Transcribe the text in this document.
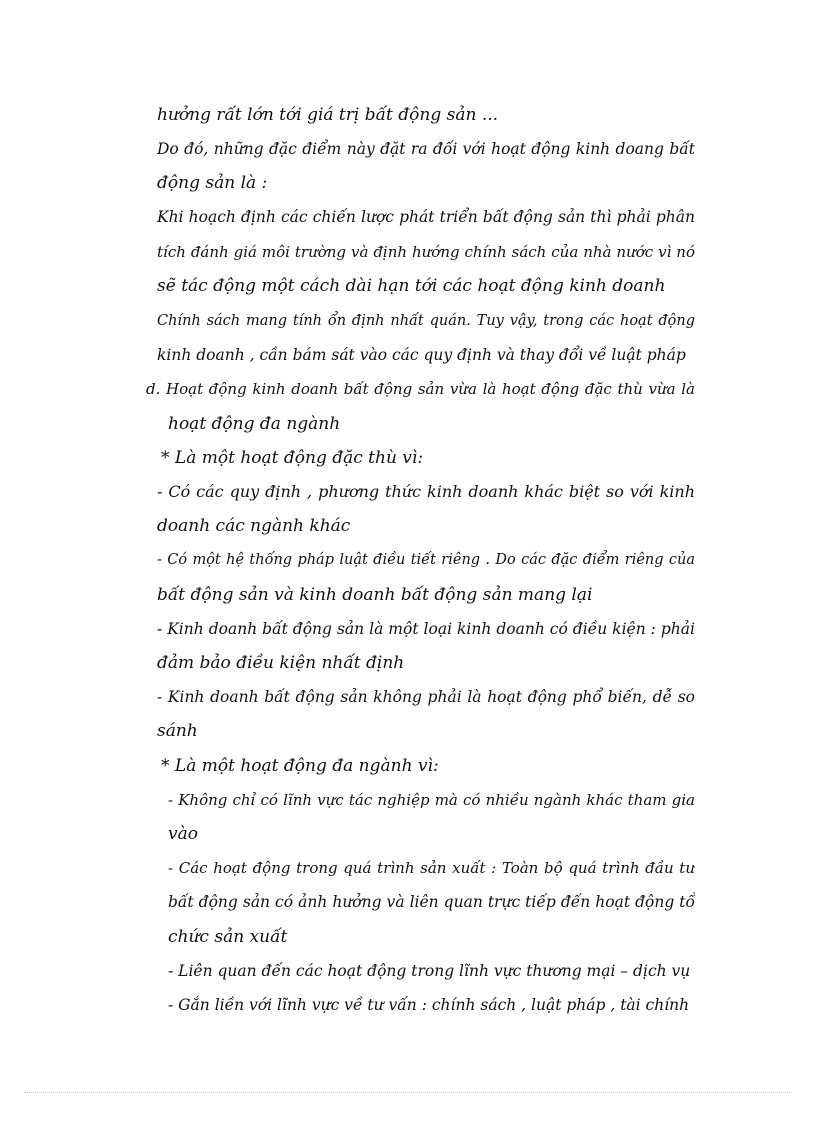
hưởng rất lớn tới giá trị bất động sản ...
Do đó, những đặc điểm này đặt ra đối với hoạt động kinh doang bất
động sản là :
Khi hoạch định các chiến lược phát triển bất động sản thì phải phân
tích đánh giá môi trường và định hướng chính sách của nhà nước vì nó
sẽ tác động một cách dài hạn tới các hoạt động kinh doanh
Chính sách mang tính ổn định nhất quán. Tuy vậy, trong các hoạt động
kinh doanh , cần bám sát vào các quy định và thay đổi về luật pháp
d. Hoạt động kinh doanh bất động sản vừa là hoạt động đặc thù vừa là
hoạt động đa ngành
* Là một hoạt động đặc thù vì:
- Có các quy định , phương thức kinh doanh khác biệt so với kinh
doanh các ngành khác
- Có một hệ thống pháp luật điều tiết riêng . Do các đặc điểm riêng của
bất động sản và kinh doanh bất động sản mang lại
- Kinh doanh bất động sản là một loại kinh doanh có điều kiện : phải
đảm bảo điều kiện nhất định
- Kinh doanh bất động sản không phải là hoạt động phổ biến, dễ so
sánh
* Là một hoạt động đa ngành vì:
- Không chỉ có lĩnh vực tác nghiệp mà có nhiều ngành khác tham gia
vào
- Các hoạt động trong quá trình sản xuất : Toàn bộ quá trình đầu tư
bất động sản có ảnh hưởng và liên quan trực tiếp đến hoạt động tổ
chức sản xuất
- Liên quan đến các hoạt động trong lĩnh vực thương mại – dịch vụ
- Gắn liền với lĩnh vực về tư vấn : chính sách , luật pháp , tài chính
